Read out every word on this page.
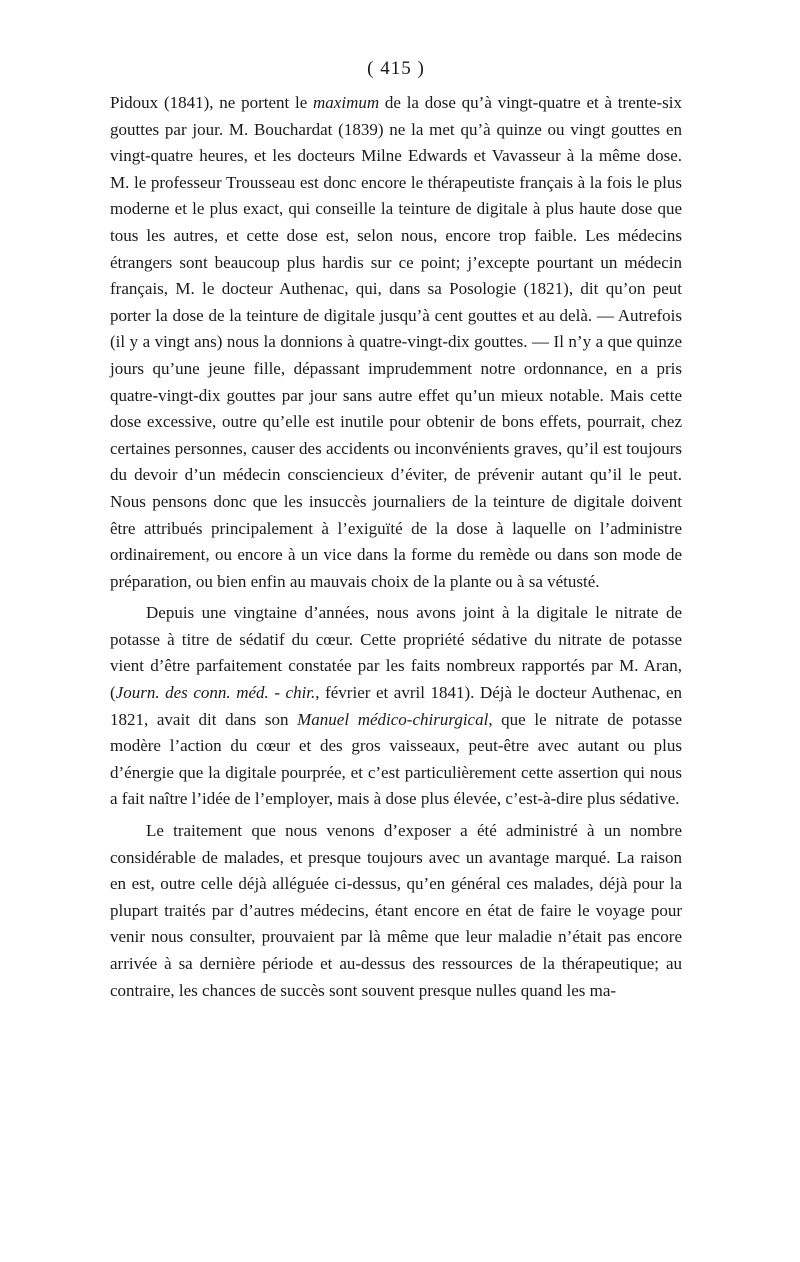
( 415 )

Pidoux (1841), ne portent le maximum de la dose qu’à vingt-quatre et à trente-six gouttes par jour. M. Bouchardat (1839) ne la met qu’à quinze ou vingt gouttes en vingt-quatre heures, et les docteurs Milne Edwards et Vavasseur à la même dose. M. le professeur Trousseau est donc encore le thérapeutiste français à la fois le plus moderne et le plus exact, qui conseille la teinture de digitale à plus haute dose que tous les autres, et cette dose est, selon nous, encore trop faible. Les médecins étrangers sont beaucoup plus hardis sur ce point; j’excepte pourtant un médecin français, M. le docteur Authenac, qui, dans sa Posologie (1821), dit qu’on peut porter la dose de la teinture de digitale jusqu’à cent gouttes et au delà. — Autrefois (il y a vingt ans) nous la donnions à quatre-vingt-dix gouttes. — Il n’y a que quinze jours qu’une jeune fille, dépassant imprudemment notre ordonnance, en a pris quatre-vingt-dix gouttes par jour sans autre effet qu’un mieux notable. Mais cette dose excessive, outre qu’elle est inutile pour obtenir de bons effets, pourrait, chez certaines personnes, causer des accidents ou inconvénients graves, qu’il est toujours du devoir d’un médecin consciencieux d’éviter, de prévenir autant qu’il le peut. Nous pensons donc que les insuccès journaliers de la teinture de digitale doivent être attribués principalement à l’exiguïté de la dose à laquelle on l’administre ordinairement, ou encore à un vice dans la forme du remède ou dans son mode de préparation, ou bien enfin au mauvais choix de la plante ou à sa vétusté.

Depuis une vingtaine d’années, nous avons joint à la digitale le nitrate de potasse à titre de sédatif du cœur. Cette propriété sédative du nitrate de potasse vient d’être parfaitement constatée par les faits nombreux rapportés par M. Aran, (Journ. des conn. méd. - chir., février et avril 1841). Déjà le docteur Authenac, en 1821, avait dit dans son Manuel médico-chirurgical, que le nitrate de potasse modère l’action du cœur et des gros vaisseaux, peut-être avec autant ou plus d’énergie que la digitale pourprée, et c’est particulièrement cette assertion qui nous a fait naître l’idée de l’employer, mais à dose plus élevée, c’est-à-dire plus sédative.

Le traitement que nous venons d’exposer a été administré à un nombre considérable de malades, et presque toujours avec un avantage marqué. La raison en est, outre celle déjà alléguée ci-dessus, qu’en général ces malades, déjà pour la plupart traités par d’autres médecins, étant encore en état de faire le voyage pour venir nous consulter, prouvaient par là même que leur maladie n’était pas encore arrivée à sa dernière période et au-dessus des ressources de la thérapeutique; au contraire, les chances de succès sont souvent presque nulles quand les ma-
